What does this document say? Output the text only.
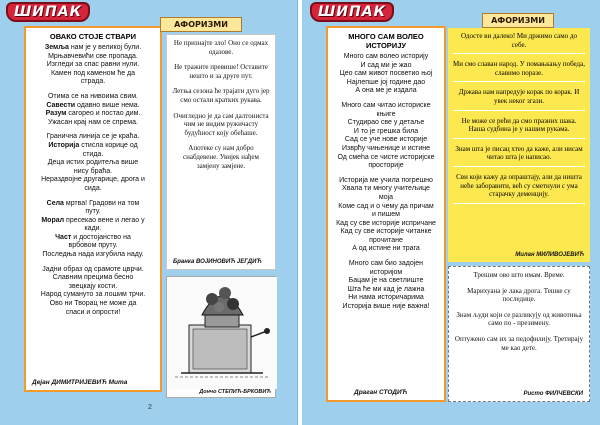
ШИПАК
ОВАКО СТОЈЕ СТВАРИ
Земља нам је у великој були.
Мрњавчевићи све пропада.
Изгледи за спас равни нули.
Камен под каменом ће да
страда.
Отима се на нивоима свим.
Савести одавно више нема.
Разум сагорео и постао дим.
Ужасан крај нам се спрема.
Гранична линија се је краћа.
Историја стисла корице од
стида.
Деца истих родитеља више
нису браћа.
Нераздвојне другарице, дрога и
сида.
Села мртва! Градови на том
путу.
Морал пресекао вене и легао у
кади.
Част и достојанство на
врбовом пруту.
Последња нада изгубила наду.
Јадни образ од срамоте цврчи.
Славним прецима бесно
звецкају кости.
Народ сумануто за лошим трчи.
Ово ни Творац не може да
спаси и опрости!
Дејан ДИМИТРИЈЕВИЋ Мита
АФОРИЗМИ
Не признајте зло! Оно се одмах одазове.
Не тражите превише! Оставите нешто и за друге пут.
Летња сезона ће трајати дуго јер смо остали кратких рукава.
Очигледно је да сам далтониста чим не видим ружичасту будућност коју обећаше.
Апотеке су нам добро снабдевене. Увијек нађем замјену замјене.
Бранка ВОЈИНОВИЋ ЈЕГДИЋ
Дончо СТЕПИЋ-БРКОВИЋ
2
ШИПАК
АФОРИЗМИ
МНОГО САМ ВОЛЕО ИСТОРИЈУ
Много сам волео историју
И сад ми је жао
Цео сам живот посветио њој
Најлепше јој године дао
А она ме је издала
Много сам читао историске
књиге
Студирао све у детаље
И то је грешка била
Сад се уче нове историје
Изврћу чињенице и истине
Од смеһа се чисте историјске
просторије
Историја ме учила погрешно
Хвала ти многу учитељице
моја
Коме сад и о чему да причам
и пишем
Кад су све историје испричане
Кад су све историје читанке
прочитане
А од истине ни трага
Много сам био задојен
историјом
Бацам је на светлиште
Шта ће ми кад је лажна
Ни нама историчарима
Историја више није важна!
Драган СТОДИЋ
Одосте ви далеко! Ми држимо само до себе.
Ми смо славан народ. У помањкању победа, славимо поразе.
Држава нам напредује корак по корак. И увек неког згази.
Не може се рећи да смо празних шака. Наша судбина је у нашим рукама.
Знам шта је писац хтео да каже, али нисам читао шта је написао.
Сви који кажу да опраштају, али да ништа неће заборавити, већ су сметнули с ума старачку деменцију.
Милан МИЛИВОЈЕВИЋ
Трешим ово што имам. Време.
Марихуана је лака дрога. Тешке су последице.
Знам људи који се разликују од животиња само по - презимену.
Оптужено сам их за педофилију. Третирају ме као дете.
Ристо ФИЛЧЕВСКИ
